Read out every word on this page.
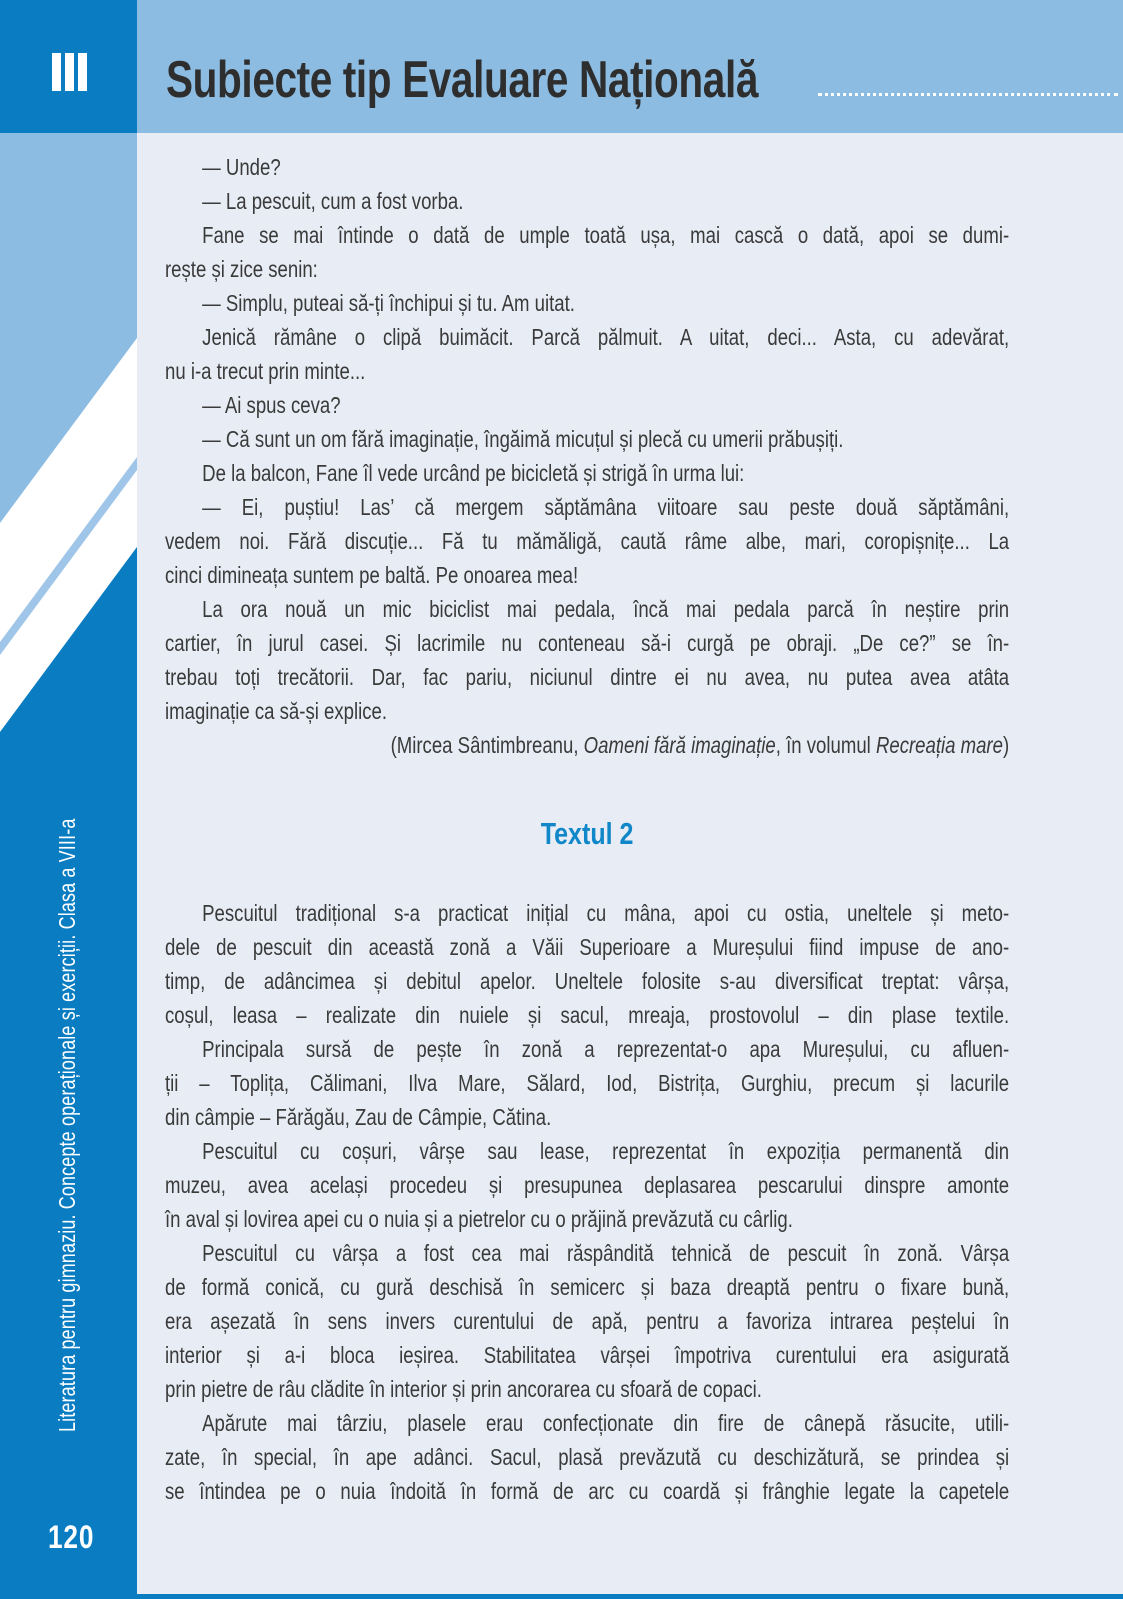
Subiecte tip Evaluare Națională
Literatura pentru gimnaziu. Concepte operaționale și exerciții. Clasa a VIII-a
120
— Unde?
— La pescuit, cum a fost vorba.
Fane se mai întinde o dată de umple toată ușa, mai cască o dată, apoi se dumi-
rește și zice senin:
— Simplu, puteai să-ți închipui și tu. Am uitat.
Jenică rămâne o clipă buimăcit. Parcă pălmuit. A uitat, deci... Asta, cu adevărat,
nu i-a trecut prin minte...
— Ai spus ceva?
— Că sunt un om fără imaginație, îngăimă micuțul și plecă cu umerii prăbușiți.
De la balcon, Fane îl vede urcând pe bicicletă și strigă în urma lui:
— Ei, puștiu! Las’ că mergem săptămâna viitoare sau peste două săptămâni,
vedem noi. Fără discuție... Fă tu mămăligă, caută râme albe, mari, coropișnițe... La
cinci dimineața suntem pe baltă. Pe onoarea mea!
La ora nouă un mic biciclist mai pedala, încă mai pedala parcă în neștire prin
cartier, în jurul casei. Și lacrimile nu conteneau să-i curgă pe obraji. „De ce?” se în-
trebau toți trecătorii. Dar, fac pariu, niciunul dintre ei nu avea, nu putea avea atâta
imaginație ca să-și explice.
(Mircea Sântimbreanu, Oameni fără imaginație, în volumul Recreația mare)
Textul 2
Pescuitul tradițional s-a practicat inițial cu mâna, apoi cu ostia, uneltele și meto-
dele de pescuit din această zonă a Văii Superioare a Mureșului fiind impuse de ano-
timp, de adâncimea și debitul apelor. Uneltele folosite s-au diversificat treptat: vârșa,
coșul, leasa – realizate din nuiele și sacul, mreaja, prostovolul – din plase textile.
Principala sursă de pește în zonă a reprezentat-o apa Mureșului, cu afluen-
ții – Toplița, Călimani, Ilva Mare, Sălard, Iod, Bistrița, Gurghiu, precum și lacurile
din câmpie – Fărăgău, Zau de Câmpie, Cătina.
Pescuitul cu coșuri, vârșe sau lease, reprezentat în expoziția permanentă din
muzeu, avea același procedeu și presupunea deplasarea pescarului dinspre amonte
în aval și lovirea apei cu o nuia și a pietrelor cu o prăjină prevăzută cu cârlig.
Pescuitul cu vârșa a fost cea mai răspândită tehnică de pescuit în zonă. Vârșa
de formă conică, cu gură deschisă în semicerc și baza dreaptă pentru o fixare bună,
era așezată în sens invers curentului de apă, pentru a favoriza intrarea peștelui în
interior și a-i bloca ieșirea. Stabilitatea vârșei împotriva curentului era asigurată
prin pietre de râu clădite în interior și prin ancorarea cu sfoară de copaci.
Apărute mai târziu, plasele erau confecționate din fire de cânepă răsucite, utili-
zate, în special, în ape adânci. Sacul, plasă prevăzută cu deschizătură, se prindea și
se întindea pe o nuia îndoită în formă de arc cu coardă și frânghie legate la capetele
